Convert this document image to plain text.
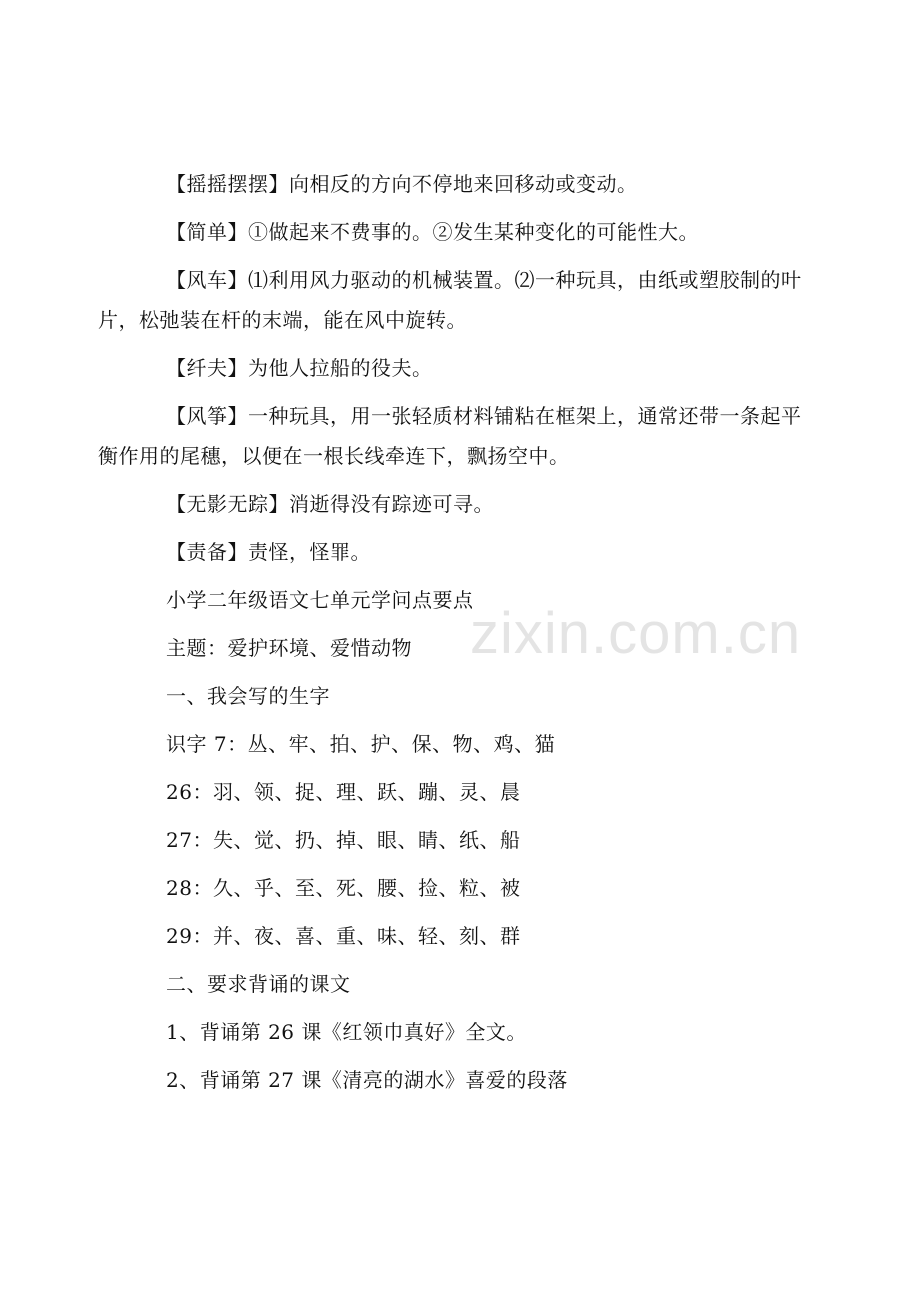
【摇摇摆摆】向相反的方向不停地来回移动或变动。

【简单】①做起来不费事的。②发生某种变化的可能性大。

【风车】⑴利用风力驱动的机械装置。⑵一种玩具，由纸或塑胶制的叶片，松弛装在杆的末端，能在风中旋转。

【纤夫】为他人拉船的役夫。

【风筝】一种玩具，用一张轻质材料铺粘在框架上，通常还带一条起平衡作用的尾穗，以便在一根长线牵连下，飘扬空中。

【无影无踪】消逝得没有踪迹可寻。

【责备】责怪，怪罪。

小学二年级语文七单元学问点要点

主题：爱护环境、爱惜动物

一、我会写的生字

识字 7：丛、牢、拍、护、保、物、鸡、猫

26：羽、领、捉、理、跃、蹦、灵、晨

27：失、觉、扔、掉、眼、睛、纸、船

28：久、乎、至、死、腰、捡、粒、被

29：并、夜、喜、重、味、轻、刻、群

二、要求背诵的课文

1、背诵第 26 课《红领巾真好》全文。

2、背诵第 27 课《清亮的湖水》喜爱的段落

zixin.com.cn
